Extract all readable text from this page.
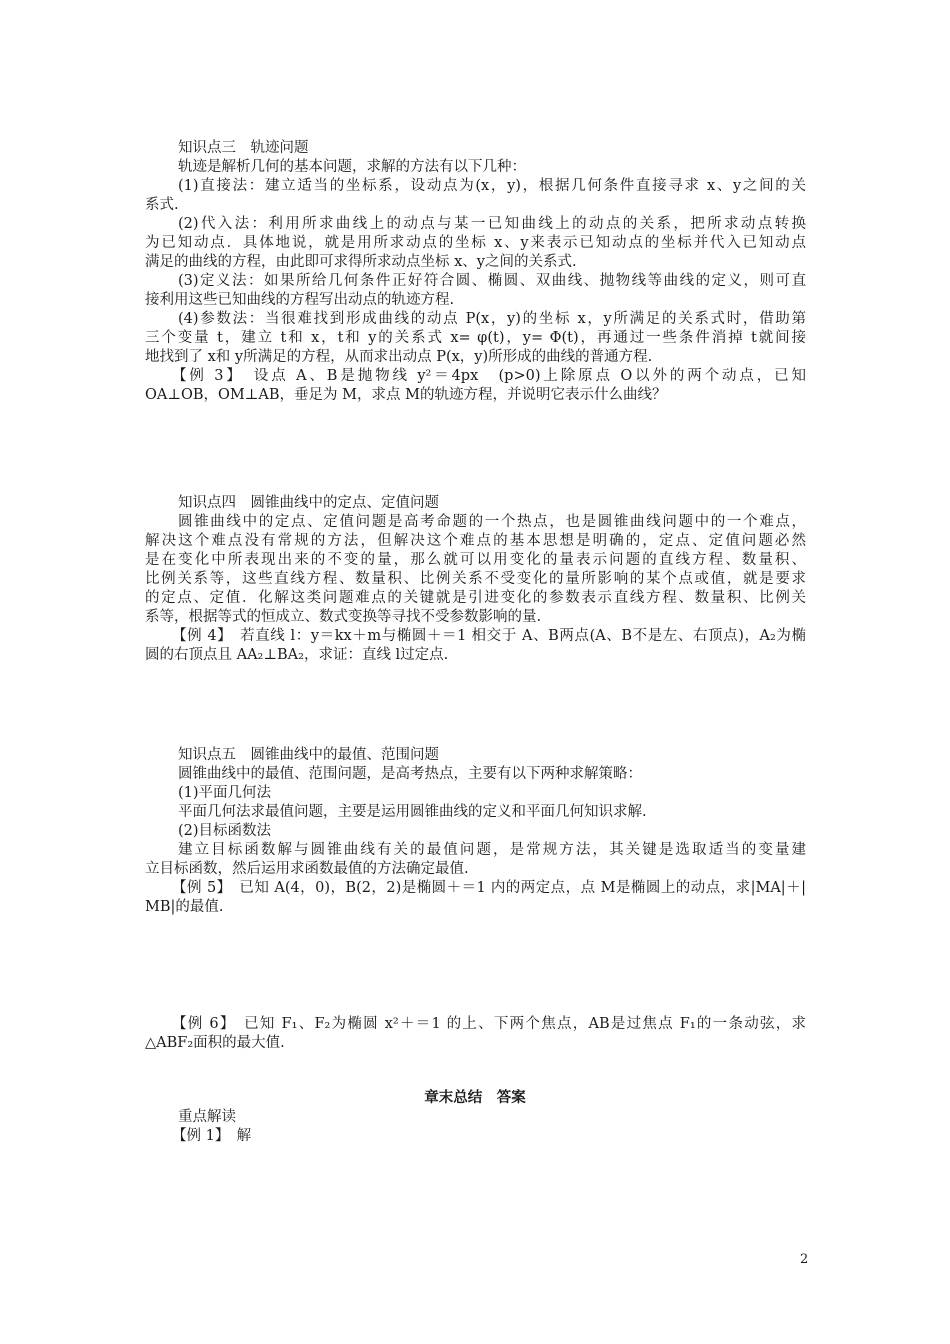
知识点三　轨迹问题
轨迹是解析几何的基本问题，求解的方法有以下几种：
(1)直接法：建立适当的坐标系，设动点为(x，y)，根据几何条件直接寻求 x、y之间的关
系式.
(2)代入法：利用所求曲线上的动点与某一已知曲线上的动点的关系，把所求动点转换
为已知动点．具体地说，就是用所求动点的坐标 x、y来表示已知动点的坐标并代入已知动点
满足的曲线的方程，由此即可求得所求动点坐标 x、y之间的关系式.
(3)定义法：如果所给几何条件正好符合圆、椭圆、双曲线、抛物线等曲线的定义，则可直
接利用这些已知曲线的方程写出动点的轨迹方程.
(4)参数法：当很难找到形成曲线的动点 P(x，y)的坐标 x，y所满足的关系式时，借助第
三个变量 t，建立 t和 x，t和 y的关系式 x= φ(t)，y= Φ(t)，再通过一些条件消掉 t就间接
地找到了 x和 y所满足的方程，从而求出动点 P(x，y)所形成的曲线的普通方程.
【例 3】　设点 A、B是抛物线 y²＝4px　(p>0)上除原点 O以外的两个动点，已知
OA⊥OB，OM⊥AB，垂足为 M，求点 M的轨迹方程，并说明它表示什么曲线？
知识点四　圆锥曲线中的定点、定值问题
圆锥曲线中的定点、定值问题是高考命题的一个热点，也是圆锥曲线问题中的一个难点，
解决这个难点没有常规的方法，但解决这个难点的基本思想是明确的，定点、定值问题必然
是在变化中所表现出来的不变的量，那么就可以用变化的量表示问题的直线方程、数量积、
比例关系等，这些直线方程、数量积、比例关系不受变化的量所影响的某个点或值，就是要求
的定点、定值．化解这类问题难点的关键就是引进变化的参数表示直线方程、数量积、比例关
系等，根据等式的恒成立、数式变换等寻找不受参数影响的量.
【例 4】　若直线 l：y＝kx＋m与椭圆＋＝1 相交于 A、B两点(A、B不是左、右顶点)，A₂为椭
圆的右顶点且 AA₂⊥BA₂，求证：直线 l过定点.
知识点五　圆锥曲线中的最值、范围问题
圆锥曲线中的最值、范围问题，是高考热点，主要有以下两种求解策略：
(1)平面几何法
平面几何法求最值问题，主要是运用圆锥曲线的定义和平面几何知识求解.
(2)目标函数法
建立目标函数解与圆锥曲线有关的最值问题，是常规方法，其关键是选取适当的变量建
立目标函数，然后运用求函数最值的方法确定最值.
【例 5】　已知 A(4，0)，B(2，2)是椭圆＋＝1 内的两定点，点 M是椭圆上的动点，求|MA|＋|
MB|的最值.
【例 6】　已知 F₁、F₂为椭圆 x²＋＝1 的上、下两个焦点，AB是过焦点 F₁的一条动弦，求
△ABF₂面积的最大值.
章末总结　答案
重点解读
【例 1】　解
2
